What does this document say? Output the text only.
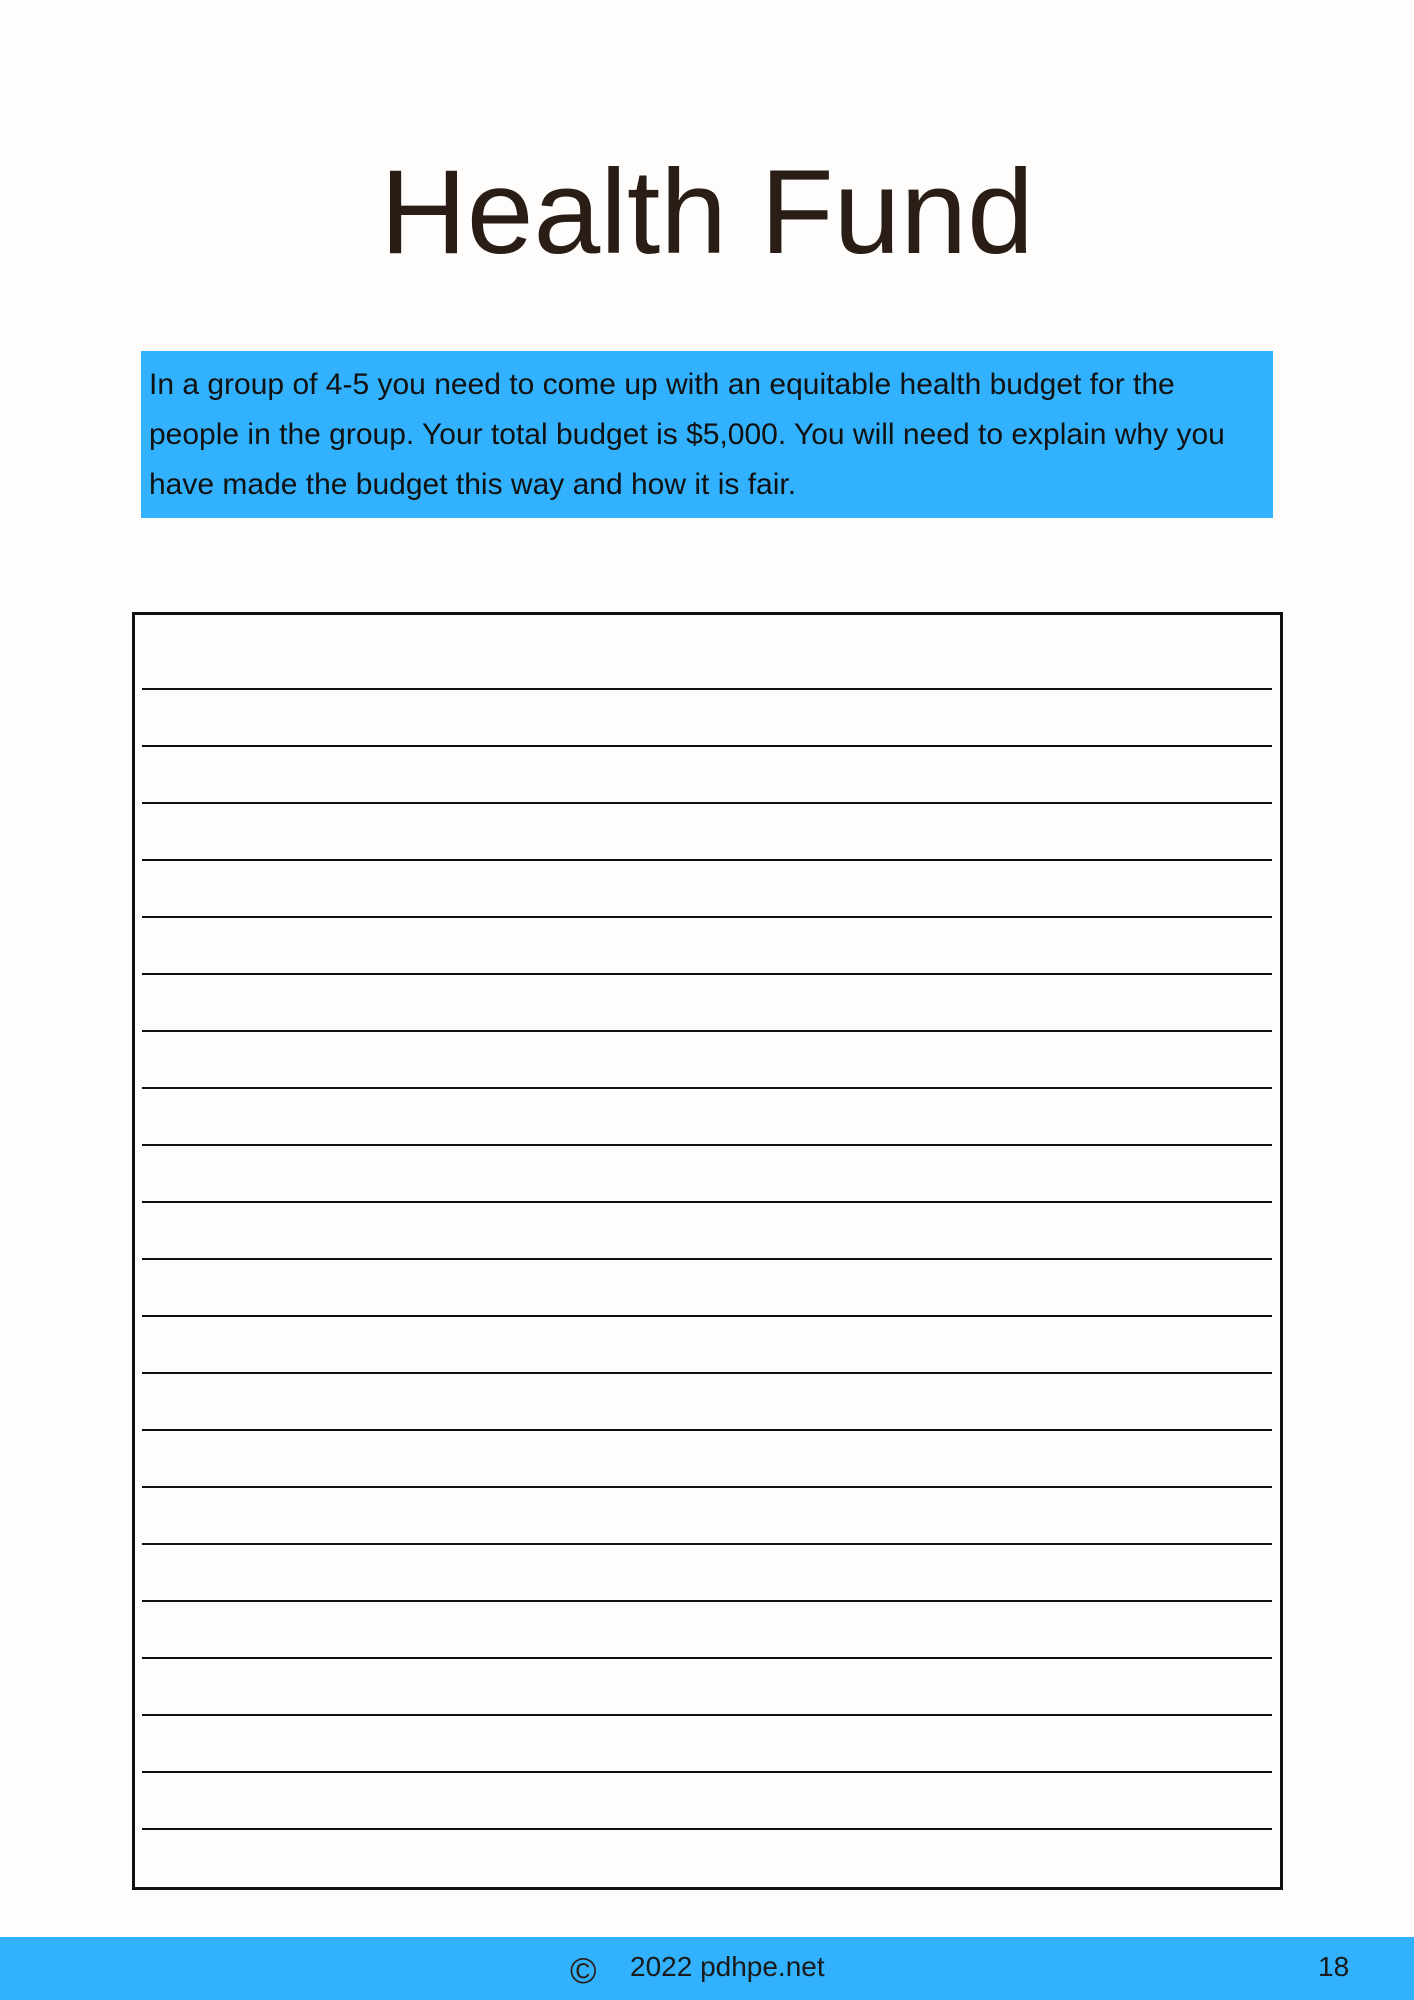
Health Fund
In a group of 4-5 you need to come up with an equitable health budget for the people in the group. Your total budget is $5,000. You will need to explain why you have made the budget this way and how it is fair.
© 2022 pdhpe.net	18
